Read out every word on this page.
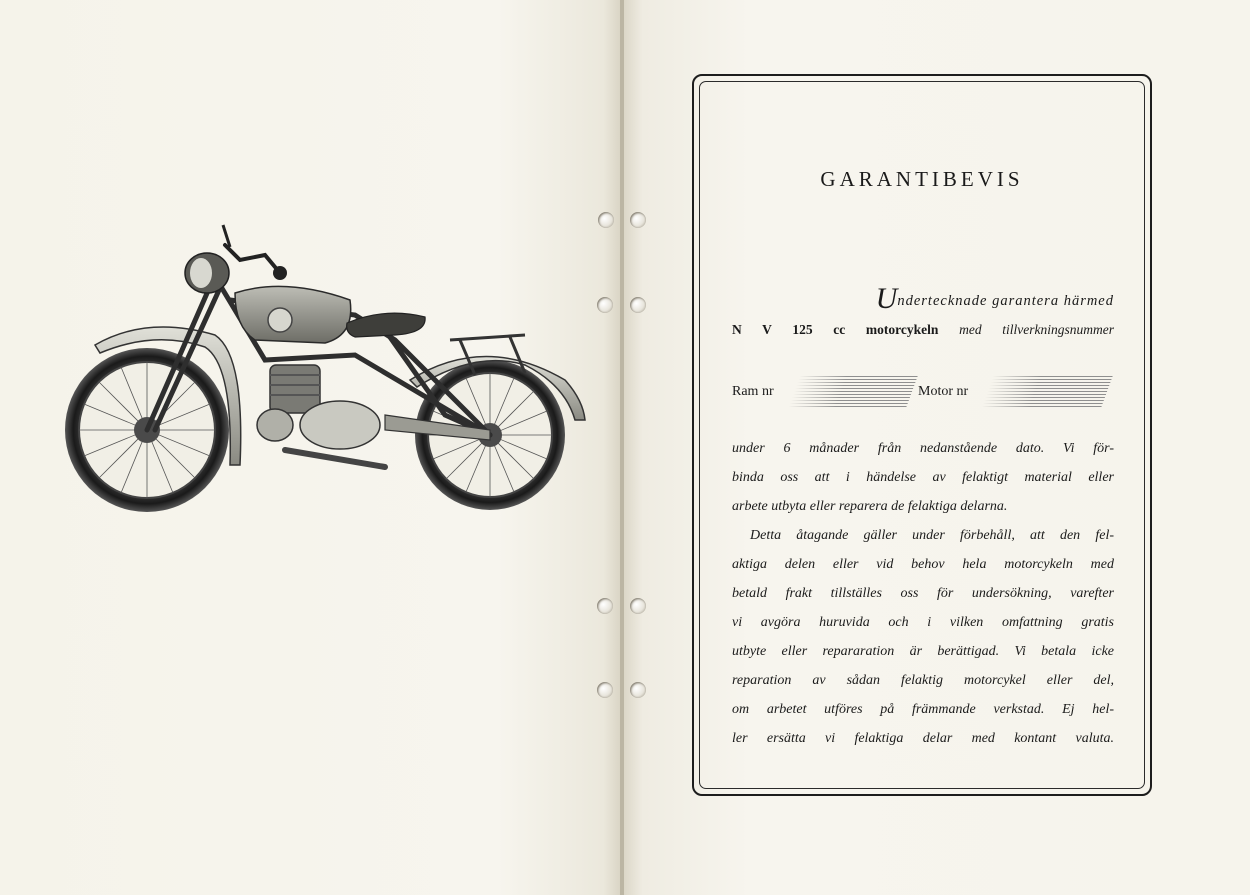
GARANTIBEVIS
Undertecknade garantera härmed
N V 125 cc motorcykeln med tillverkningsnummer
Ram nr	Motor nr
under 6 månader från nedanstående dato. Vi för-
binda oss att i händelse av felaktigt material eller
arbete utbyta eller reparera de felaktiga delarna.
Detta åtagande gäller under förbehåll, att den fel-
aktiga delen eller vid behov hela motorcykeln med
betald frakt tillställes oss för undersökning, varefter
vi avgöra huruvida och i vilken omfattning gratis
utbyte eller repararation är berättigad. Vi betala icke
reparation av sådan felaktig motorcykel eller del,
om arbetet utföres på främmande verkstad. Ej hel-
ler ersätta vi felaktiga delar med kontant valuta.
